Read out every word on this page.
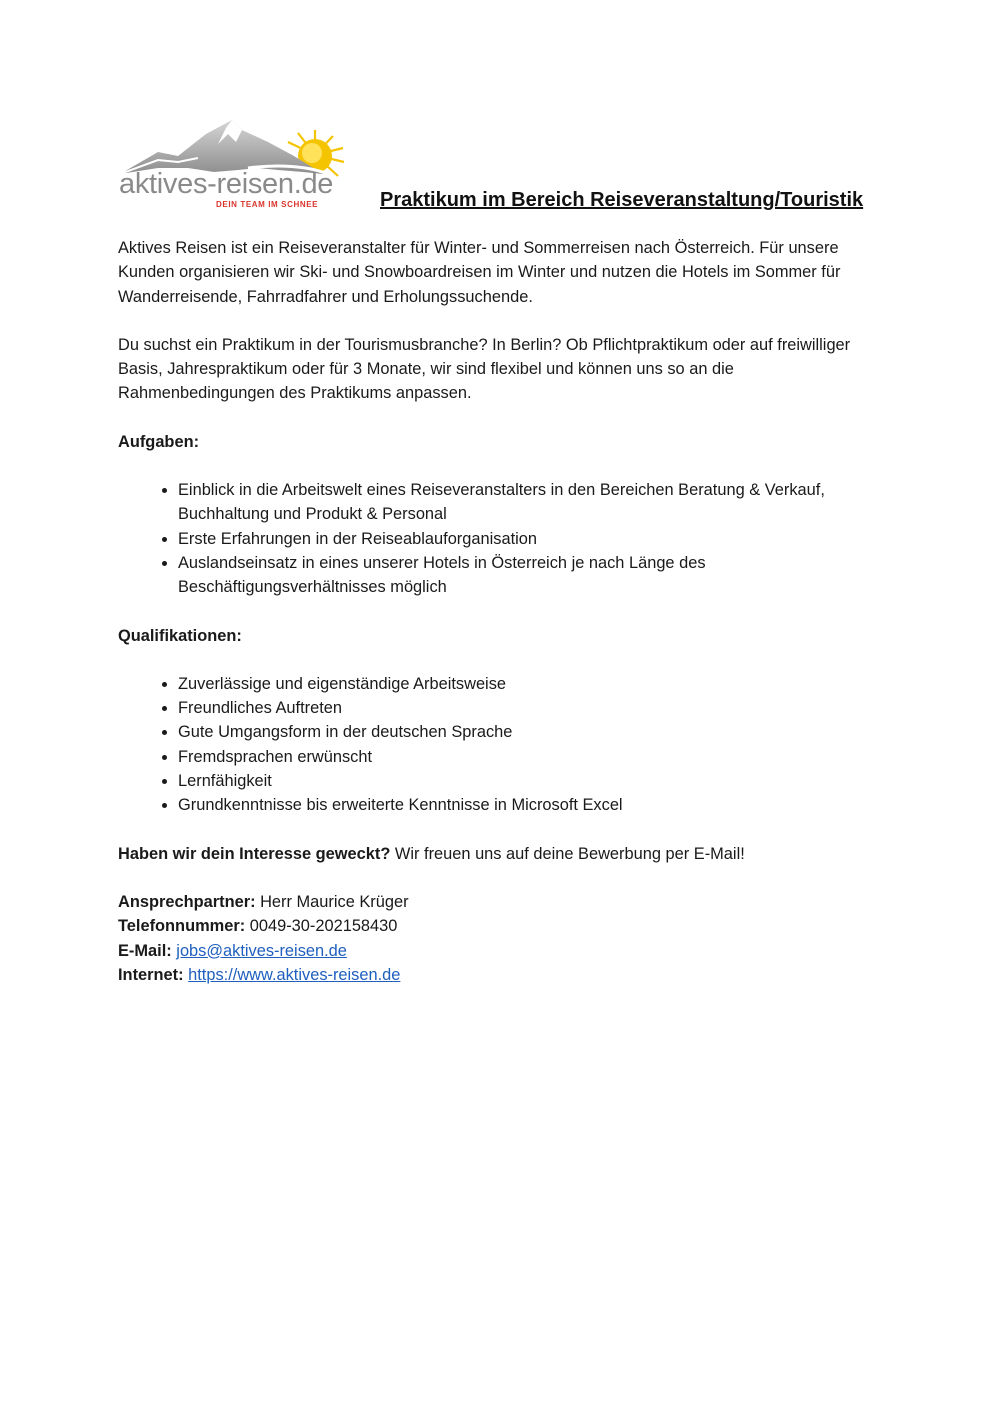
aktives-reisen.de
DEIN TEAM IM SCHNEE	Praktikum im Bereich Reiseveranstaltung/Touristik

Aktives Reisen ist ein Reiseveranstalter für Winter- und Sommerreisen nach Österreich. Für unsere Kunden organisieren wir Ski- und Snowboardreisen im Winter und nutzen die Hotels im Sommer für Wanderreisende, Fahrradfahrer und Erholungssuchende.

Du suchst ein Praktikum in der Tourismusbranche? In Berlin? Ob Pflichtpraktikum oder auf freiwilliger Basis, Jahrespraktikum oder für 3 Monate, wir sind flexibel und können uns so an die Rahmenbedingungen des Praktikums anpassen.

Aufgaben:
• Einblick in die Arbeitswelt eines Reiseveranstalters in den Bereichen Beratung & Verkauf, Buchhaltung und Produkt & Personal
• Erste Erfahrungen in der Reiseablauforganisation
• Auslandseinsatz in eines unserer Hotels in Österreich je nach Länge des Beschäftigungsverhältnisses möglich
Qualifikationen:
• Zuverlässige und eigenständige Arbeitsweise
• Freundliches Auftreten
• Gute Umgangsform in der deutschen Sprache
• Fremdsprachen erwünscht
• Lernfähigkeit
• Grundkenntnisse bis erweiterte Kenntnisse in Microsoft Excel

Haben wir dein Interesse geweckt? Wir freuen uns auf deine Bewerbung per E-Mail!

Ansprechpartner: Herr Maurice Krüger
Telefonnummer: 0049-30-202158430
E-Mail: jobs@aktives-reisen.de
Internet: https://www.aktives-reisen.de
